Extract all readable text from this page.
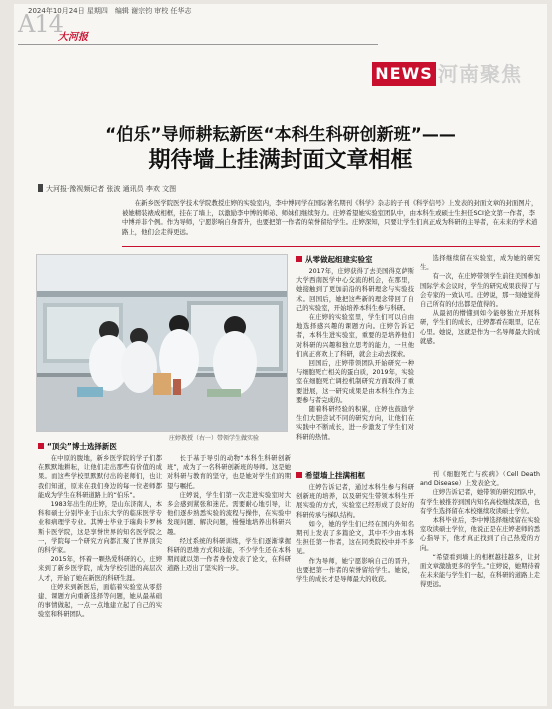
2024年10月24日 星期四　编辑 谢宗钧 审校 任华志
A14
大河报
NEWS 河南聚焦
“伯乐”导师耕耘新医“本科生科研创新班”——
期待墙上挂满封面文章相框
大河报·豫视频记者 张波 通讯员 李欢 文图

在新乡医学院医学技术学院教授庄婷的实验室内，李中博同学在国际著名期刊《科学》杂志的子刊《科学信号》上发表的封面文章的封面图片，被她精装裱成相框，挂在了墙上，以激励李中博的师弟、师妹们继续努力。庄婷希望她实验室团队中，由本科生或硕士生担任SCI论文第一作者，李中博并非个例。作为导师，宁愿影响自身晋升，也要把第一作者的荣誉留给学生。庄婷深知，只要让学生们真正成为科研的主导者，在未来的学术道路上，他们会走得更远。

庄婷教授（右一）带领学生做实验
“顶尖”博士选择新医

在中原的腹地，新乡医学院的学子们都在默默地耕耘，让他们走出那些有价值的成果。而这些学校里默默付出的老师们，也让我们知道，原来在我们身边的每一位老师都能成为学生在科研道路上的“伯乐”。

1983年出生的庄婷，是山东济南人，本科和硕士分别毕业于山东大学的临床医学专业和病理学专业。其博士毕业于瑞典卡罗林斯卡医学院，这是享誉世界的知名医学院之一，学院每一个研究方向都汇聚了世界顶尖的科学家。

2015年，怀着一颗热爱科研的心，庄婷来到了新乡医学院，成为学校引进的高层次人才，开始了她在新医的科研生涯。

庄婷来到新医后，面临着实验室从零搭建、课题方向重新选择等问题，她从最基础的事情做起，一点一点地建立起了自己的实验室和科研团队。

长于基于导引的动物“本科生科研创新班”，成为了一名科研创新班的导师。这是她对科研与教育的坚守，也是她对学生们的期望与嘱托。

庄婷说，学生们第一次走进实验室时大多会感到紧张和迷茫。需要耐心地引导，让他们逐步熟悉实验的流程与操作，在实验中发现问题、解决问题，慢慢地培养出科研兴趣。

经过系统的科研训练，学生们逐渐掌握科研的思维方式和技能，不少学生还在本科期间就以第一作者身份发表了论文，在科研道路上迈出了坚实的一步。

从零做起组建实验室

2017年，庄婷获得了去美国得克萨斯大学西南医学中心交流的机会，在那里，她接触到了更加前沿的科研理念与实验技术。回国后，她把这些新的理念带回了自己的实验室，开始培养本科生参与科研。

在庄婷的实验室里，学生们可以自由地选择感兴趣的课题方向。庄婷告诉记者，本科生进实验室，重要的是培养他们对科研的兴趣和独立思考的能力，一旦他们真正喜欢上了科研，就会主动去探索。

回国后，庄婷带领团队开始研究一种与细胞死亡相关的蛋白质，2019年，实验室在细胞死亡调控机制研究方面取得了重要进展，这一研究成果是由本科生作为主要参与者完成的。

随着科研经验的积累，庄婷也鼓励学生们大胆尝试不同的研究方向，让他们在实践中不断成长，进一步激发了学生们对科研的热情。

选择继续留在实验室，成为她的研究生。

有一次，在庄婷带领学生前往美国参加国际学术会议时，学生的研究成果获得了与会专家的一致认可。庄婷说，那一刻她觉得自己所有的付出都是值得的。

从最初的懵懂到如今能够独立开展科研，学生们的成长，庄婷都看在眼里，记在心里。她说，这就是作为一名导师最大的成就感。

希望墙上挂满相框

庄婷告诉记者，通过本科生参与科研创新班的培养，以及研究生带领本科生开展实验的方式，实验室已经形成了良好的科研传承与梯队结构。

如今，她的学生们已经在国内外知名期刊上发表了多篇论文，其中不少由本科生担任第一作者，这在同类院校中并不多见。

作为导师，她宁愿影响自己的晋升，也要把第一作者的荣誉留给学生。她说，学生的成长才是导师最大的收获。

刊《细胞死亡与疾病》（Cell Death and Disease）上发表论文。

庄婷告诉记者，她带领的研究团队中，有学生被推荐到国内知名高校继续深造，也有学生选择留在本校继续攻读硕士学位。

本科毕业后，李中博选择继续留在实验室攻读硕士学位，他说正是在庄婷老师的悉心指导下，他才真正找到了自己热爱的方向。

“希望看到墙上的相框越挂越多，让封面文章激励更多的学生。”庄婷说，她期待着在未来能与学生们一起，在科研的道路上走得更远。
